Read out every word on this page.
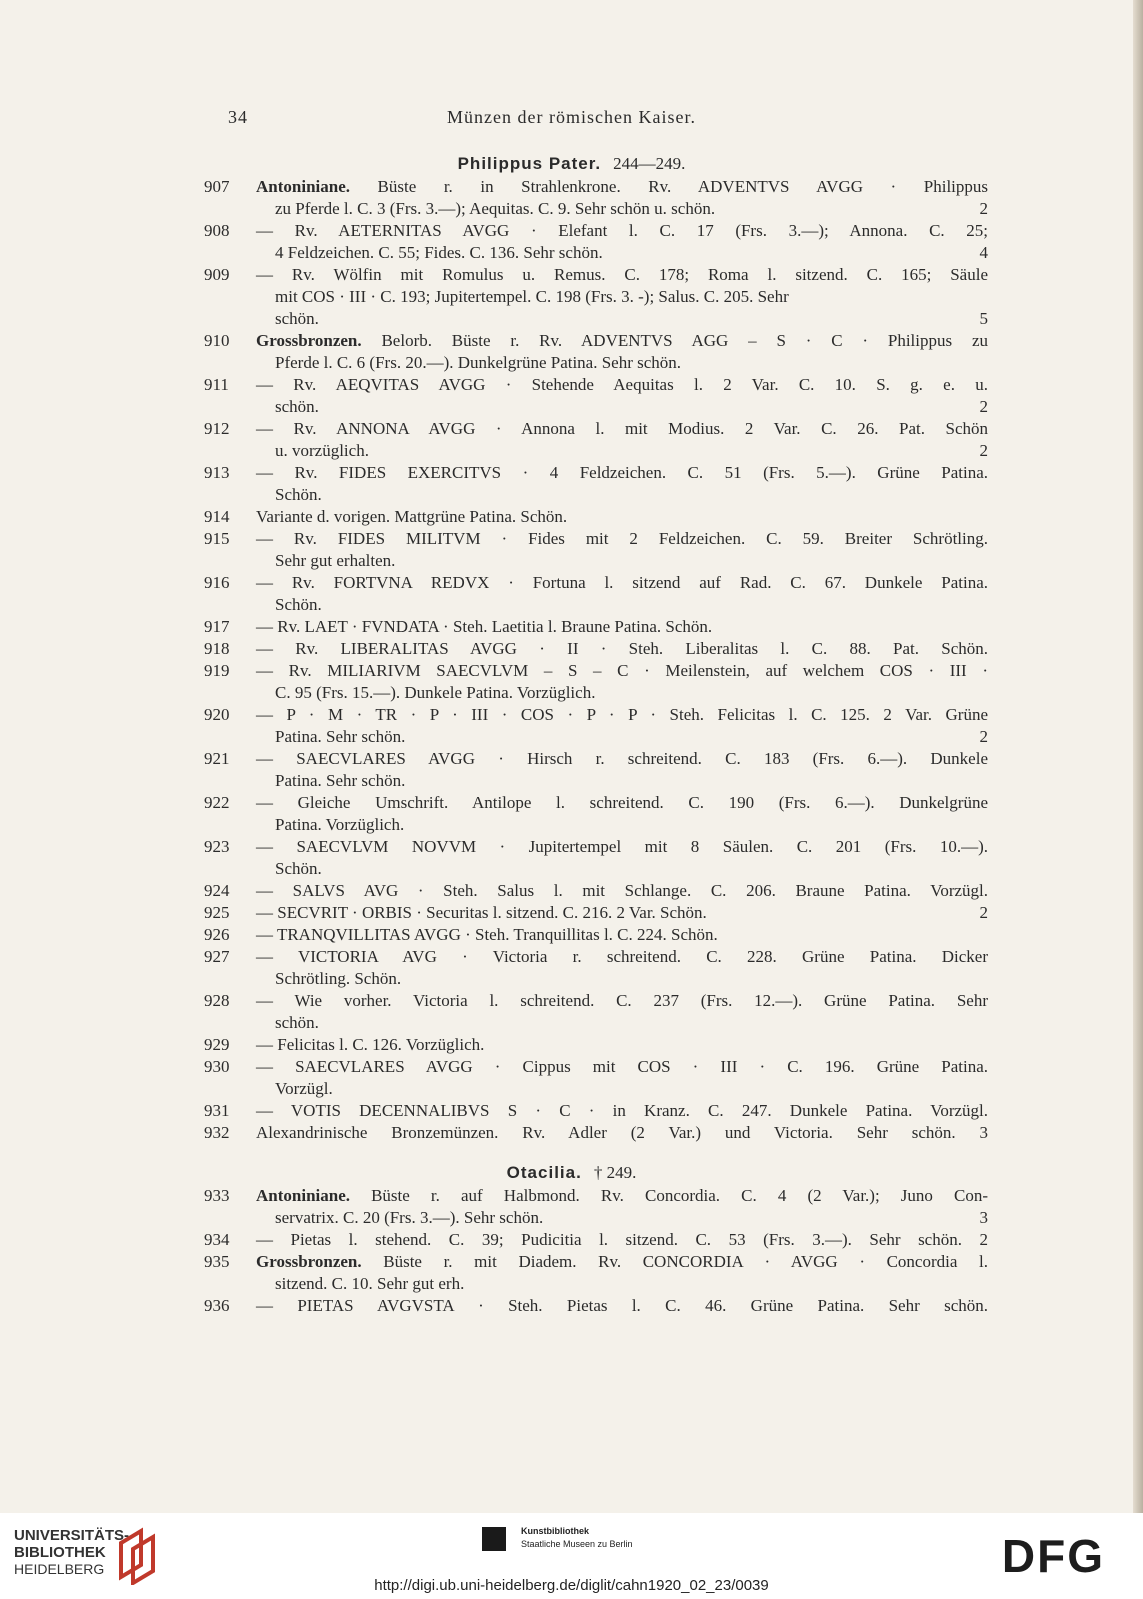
34	Münzen der römischen Kaiser.
Philippus Pater. 244—249.
907 Antoniniane. Büste r. in Strahlenkrone. Rv. ADVENTVS AVGG · Philippus
zu Pferde l. C. 3 (Frs. 3.—); Aequitas. C. 9. Sehr schön u. schön.	2
908 — Rv. AETERNITAS AVGG · Elefant l. C. 17 (Frs. 3.—); Annona. C. 25;
4 Feldzeichen. C. 55; Fides. C. 136. Sehr schön.	4
909 — Rv. Wölfin mit Romulus u. Remus. C. 178; Roma l. sitzend. C. 165; Säule
mit COS · III · C. 193; Jupitertempel. C. 198 (Frs. 3. -); Salus. C. 205. Sehr
schön.	5
910 Grossbronzen. Belorb. Büste r. Rv. ADVENTVS AGG – S · C · Philippus zu
Pferde l. C. 6 (Frs. 20.—). Dunkelgrüne Patina. Sehr schön.
911 — Rv. AEQVITAS AVGG · Stehende Aequitas l. 2 Var. C. 10. S. g. e. u.
schön.	2
912 — Rv. ANNONA AVGG · Annona l. mit Modius. 2 Var. C. 26. Pat. Schön
u. vorzüglich.	2
913 — Rv. FIDES EXERCITVS · 4 Feldzeichen. C. 51 (Frs. 5.—). Grüne Patina.
Schön.
914 Variante d. vorigen. Mattgrüne Patina. Schön.
915 — Rv. FIDES MILITVM · Fides mit 2 Feldzeichen. C. 59. Breiter Schrötling.
Sehr gut erhalten.
916 — Rv. FORTVNA REDVX · Fortuna l. sitzend auf Rad. C. 67. Dunkele Patina.
Schön.
917 — Rv. LAET · FVNDATA · Steh. Laetitia l. Braune Patina. Schön.
918 — Rv. LIBERALITAS AVGG · II · Steh. Liberalitas l. C. 88. Pat. Schön.
919 — Rv. MILIARIVM SAECVLVM – S – C · Meilenstein, auf welchem COS · III ·
C. 95 (Frs. 15.—). Dunkele Patina. Vorzüglich.
920 — P · M · TR · P · III · COS · P · P · Steh. Felicitas l. C. 125. 2 Var. Grüne
Patina. Sehr schön.	2
921 — SAECVLARES AVGG · Hirsch r. schreitend. C. 183 (Frs. 6.—). Dunkele
Patina. Sehr schön.
922 — Gleiche Umschrift. Antilope l. schreitend. C. 190 (Frs. 6.—). Dunkelgrüne
Patina. Vorzüglich.
923 — SAECVLVM NOVVM · Jupitertempel mit 8 Säulen. C. 201 (Frs. 10.—).
Schön.
924 — SALVS AVG · Steh. Salus l. mit Schlange. C. 206. Braune Patina. Vorzügl.
925 — SECVRIT · ORBIS · Securitas l. sitzend. C. 216. 2 Var. Schön.	2
926 — TRANQVILLITAS AVGG · Steh. Tranquillitas l. C. 224. Schön.
927 — VICTORIA AVG · Victoria r. schreitend. C. 228. Grüne Patina. Dicker
Schrötling. Schön.
928 — Wie vorher. Victoria l. schreitend. C. 237 (Frs. 12.—). Grüne Patina. Sehr
schön.
929 — Felicitas l. C. 126. Vorzüglich.
930 — SAECVLARES AVGG · Cippus mit COS · III · C. 196. Grüne Patina.
Vorzügl.
931 — VOTIS DECENNALIBVS S · C · in Kranz. C. 247. Dunkele Patina. Vorzügl.
932 Alexandrinische Bronzemünzen. Rv. Adler (2 Var.) und Victoria. Sehr schön. 3
933 Antoniniane. Büste r. auf Halbmond. Rv. Concordia. C. 4 (2 Var.); Juno Con-
servatrix. C. 20 (Frs. 3.—). Sehr schön.	3
934 — Pietas l. stehend. C. 39; Pudicitia l. sitzend. C. 53 (Frs. 3.—). Sehr schön. 2
935 Grossbronzen. Büste r. mit Diadem. Rv. CONCORDIA · AVGG · Concordia l.
sitzend. C. 10. Sehr gut erh.
936 — PIETAS AVGVSTA · Steh. Pietas l. C. 46. Grüne Patina. Sehr schön.
Otacilia. † 249.
UNIVERSITÄTS-
BIBLIOTHEK
HEIDELBERG
Kunstbibliothek
Staatliche Museen zu Berlin	DFG
http://digi.ub.uni-heidelberg.de/diglit/cahn1920_02_23/0039
